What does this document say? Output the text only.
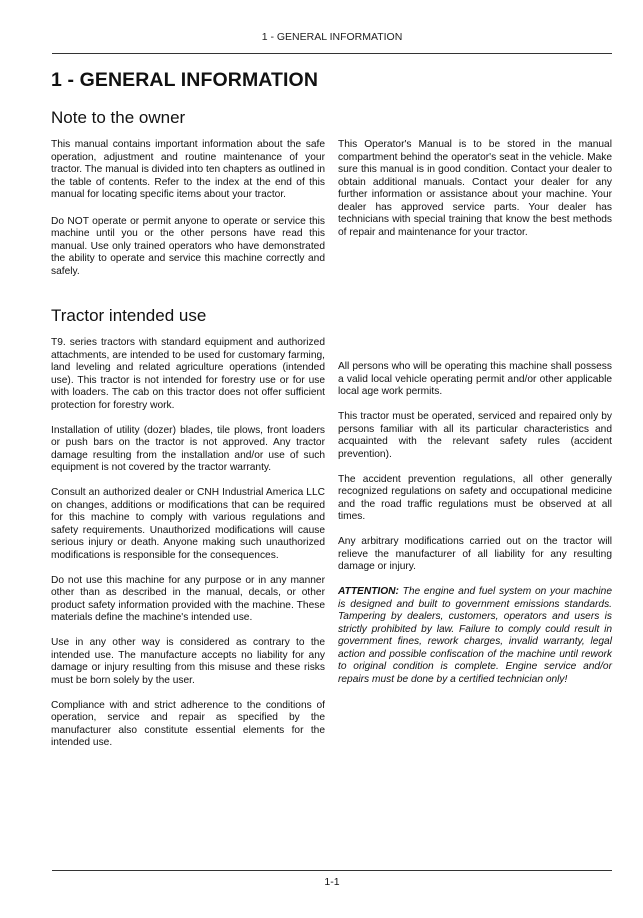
1 - GENERAL INFORMATION
1 - GENERAL INFORMATION
Note to the owner

This manual contains important information about the safe operation, adjustment and routine maintenance of your tractor. The manual is divided into ten chapters as outlined in the table of contents. Refer to the index at the end of this manual for locating specific items about your tractor.

Do NOT operate or permit anyone to operate or service this machine until you or the other persons have read this manual. Use only trained operators who have demonstrated the ability to operate and service this machine correctly and safely.

This Operator's Manual is to be stored in the manual compartment behind the operator's seat in the vehicle. Make sure this manual is in good condition. Contact your dealer to obtain additional manuals. Contact your dealer for any further information or assistance about your machine. Your dealer has approved service parts. Your dealer has technicians with special training that know the best methods of repair and maintenance for your tractor.

Tractor intended use

T9. series tractors with standard equipment and authorized attachments, are intended to be used for customary farming, land leveling and related agriculture operations (intended use). This tractor is not intended for forestry use or for use with loaders. The cab on this tractor does not offer sufficient protection for forestry work.

Installation of utility (dozer) blades, tile plows, front loaders or push bars on the tractor is not approved. Any tractor damage resulting from the installation and/or use of such equipment is not covered by the tractor warranty.

Consult an authorized dealer or CNH Industrial America LLC on changes, additions or modifications that can be required for this machine to comply with various regulations and safety requirements. Unauthorized modifications will cause serious injury or death. Anyone making such unauthorized modifications is responsible for the consequences.

Do not use this machine for any purpose or in any manner other than as described in the manual, decals, or other product safety information provided with the machine. These materials define the machine's intended use.

Use in any other way is considered as contrary to the intended use. The manufacture accepts no liability for any damage or injury resulting from this misuse and these risks must be born solely by the user.

Compliance with and strict adherence to the conditions of operation, service and repair as specified by the manufacturer also constitute essential elements for the intended use.

All persons who will be operating this machine shall possess a valid local vehicle operating permit and/or other applicable local age work permits.

This tractor must be operated, serviced and repaired only by persons familiar with all its particular characteristics and acquainted with the relevant safety rules (accident prevention).

The accident prevention regulations, all other generally recognized regulations on safety and occupational medicine and the road traffic regulations must be observed at all times.

Any arbitrary modifications carried out on the tractor will relieve the manufacturer of all liability for any resulting damage or injury.

ATTENTION: The engine and fuel system on your machine is designed and built to government emissions standards. Tampering by dealers, customers, operators and users is strictly prohibited by law. Failure to comply could result in government fines, rework charges, invalid warranty, legal action and possible confiscation of the machine until rework to original condition is complete. Engine service and/or repairs must be done by a certified technician only!

1-1
